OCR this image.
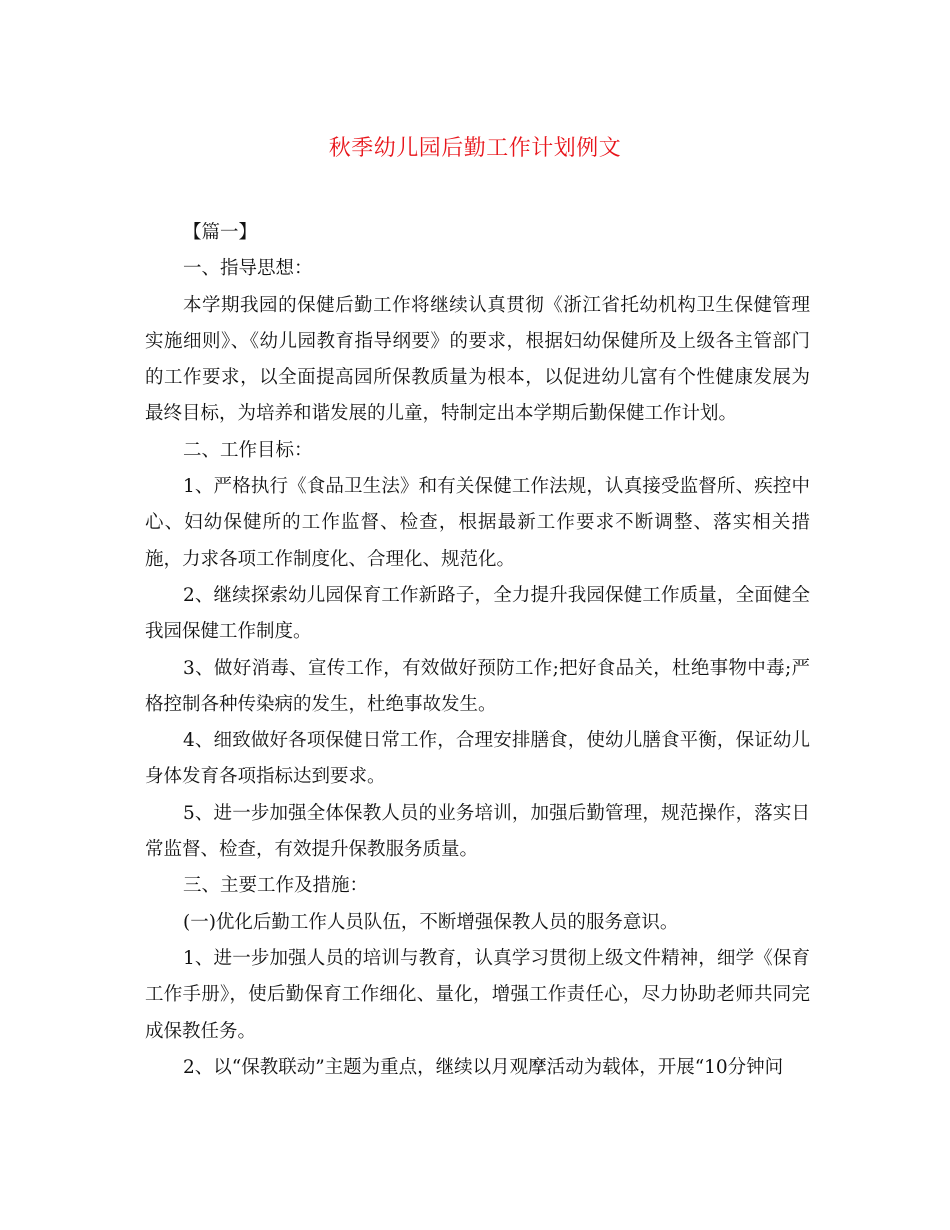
秋季幼儿园后勤工作计划例文

【篇一】

一、指导思想：

本学期我园的保健后勤工作将继续认真贯彻《浙江省托幼机构卫生保健管理实施细则》、《幼儿园教育指导纲要》的要求，根据妇幼保健所及上级各主管部门的工作要求，以全面提高园所保教质量为根本，以促进幼儿富有个性健康发展为最终目标，为培养和谐发展的儿童，特制定出本学期后勤保健工作计划。

二、工作目标：

1、严格执行《食品卫生法》和有关保健工作法规，认真接受监督所、疾控中心、妇幼保健所的工作监督、检查，根据最新工作要求不断调整、落实相关措施，力求各项工作制度化、合理化、规范化。

2、继续探索幼儿园保育工作新路子，全力提升我园保健工作质量，全面健全我园保健工作制度。

3、做好消毒、宣传工作，有效做好预防工作;把好食品关，杜绝事物中毒;严格控制各种传染病的发生，杜绝事故发生。

4、细致做好各项保健日常工作，合理安排膳食，使幼儿膳食平衡，保证幼儿身体发育各项指标达到要求。

5、进一步加强全体保教人员的业务培训，加强后勤管理，规范操作，落实日常监督、检查，有效提升保教服务质量。

三、主要工作及措施：

(一)优化后勤工作人员队伍，不断增强保教人员的服务意识。

1、进一步加强人员的培训与教育，认真学习贯彻上级文件精神，细学《保育工作手册》，使后勤保育工作细化、量化，增强工作责任心，尽力协助老师共同完成保教任务。

2、以“保教联动”主题为重点，继续以月观摩活动为载体，开展“10分钟问
